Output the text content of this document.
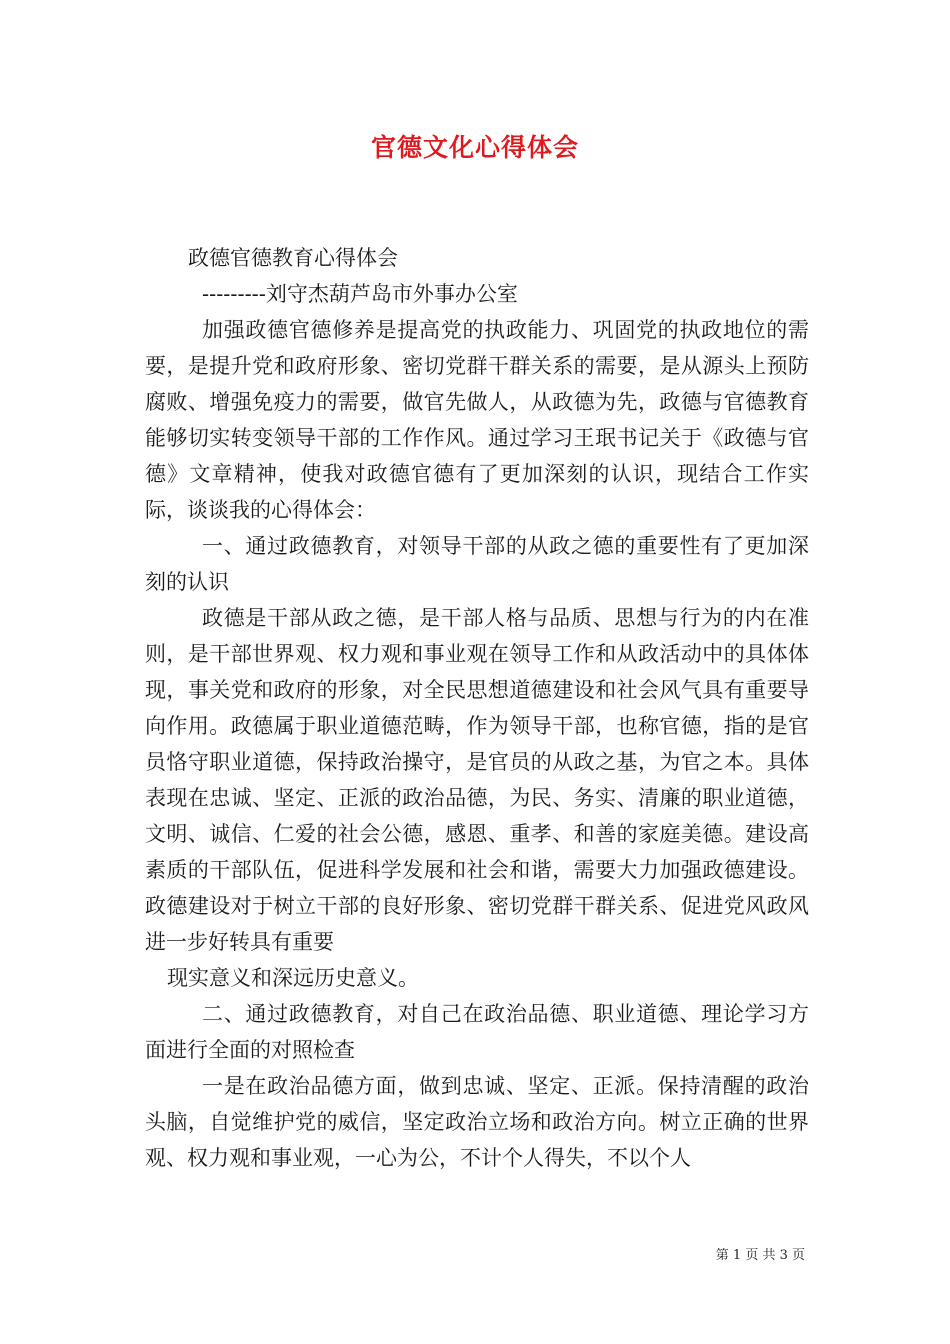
官德文化心得体会

政德官德教育心得体会

---------刘守杰葫芦岛市外事办公室

加强政德官德修养是提高党的执政能力、巩固党的执政地位的需要，是提升党和政府形象、密切党群干群关系的需要，是从源头上预防腐败、增强免疫力的需要，做官先做人，从政德为先，政德与官德教育能够切实转变领导干部的工作作风。通过学习王珉书记关于《政德与官德》文章精神，使我对政德官德有了更加深刻的认识，现结合工作实际，谈谈我的心得体会：

一、通过政德教育，对领导干部的从政之德的重要性有了更加深刻的认识

政德是干部从政之德，是干部人格与品质、思想与行为的内在准则，是干部世界观、权力观和事业观在领导工作和从政活动中的具体体现，事关党和政府的形象，对全民思想道德建设和社会风气具有重要导向作用。政德属于职业道德范畴，作为领导干部，也称官德，指的是官员恪守职业道德，保持政治操守，是官员的从政之基，为官之本。具体表现在忠诚、坚定、正派的政治品德，为民、务实、清廉的职业道德，文明、诚信、仁爱的社会公德，感恩、重孝、和善的家庭美德。建设高素质的干部队伍，促进科学发展和社会和谐，需要大力加强政德建设。政德建设对于树立干部的良好形象、密切党群干群关系、促进党风政风进一步好转具有重要

现实意义和深远历史意义。

二、通过政德教育，对自己在政治品德、职业道德、理论学习方面进行全面的对照检查

一是在政治品德方面，做到忠诚、坚定、正派。保持清醒的政治头脑，自觉维护党的威信，坚定政治立场和政治方向。树立正确的世界观、权力观和事业观，一心为公，不计个人得失，不以个人

第 1 页 共 3 页
